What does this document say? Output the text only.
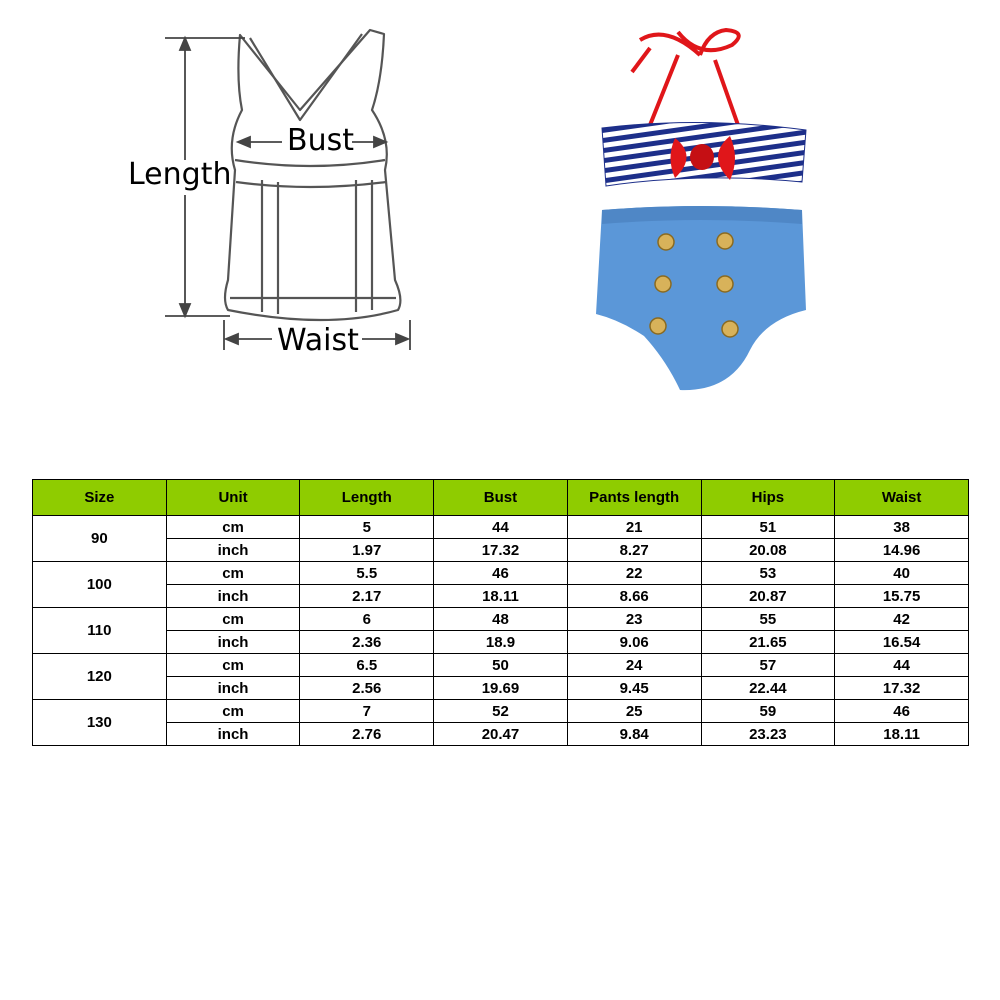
Length
Bust
Waist
Size	Unit	Length	Bust	Pants length	Hips	Waist
90	cm	5	44	21	51	38
	inch	1.97	17.32	8.27	20.08	14.96
100	cm	5.5	46	22	53	40
	inch	2.17	18.11	8.66	20.87	15.75
110	cm	6	48	23	55	42
	inch	2.36	18.9	9.06	21.65	16.54
120	cm	6.5	50	24	57	44
	inch	2.56	19.69	9.45	22.44	17.32
130	cm	7	52	25	59	46
	inch	2.76	20.47	9.84	23.23	18.11
